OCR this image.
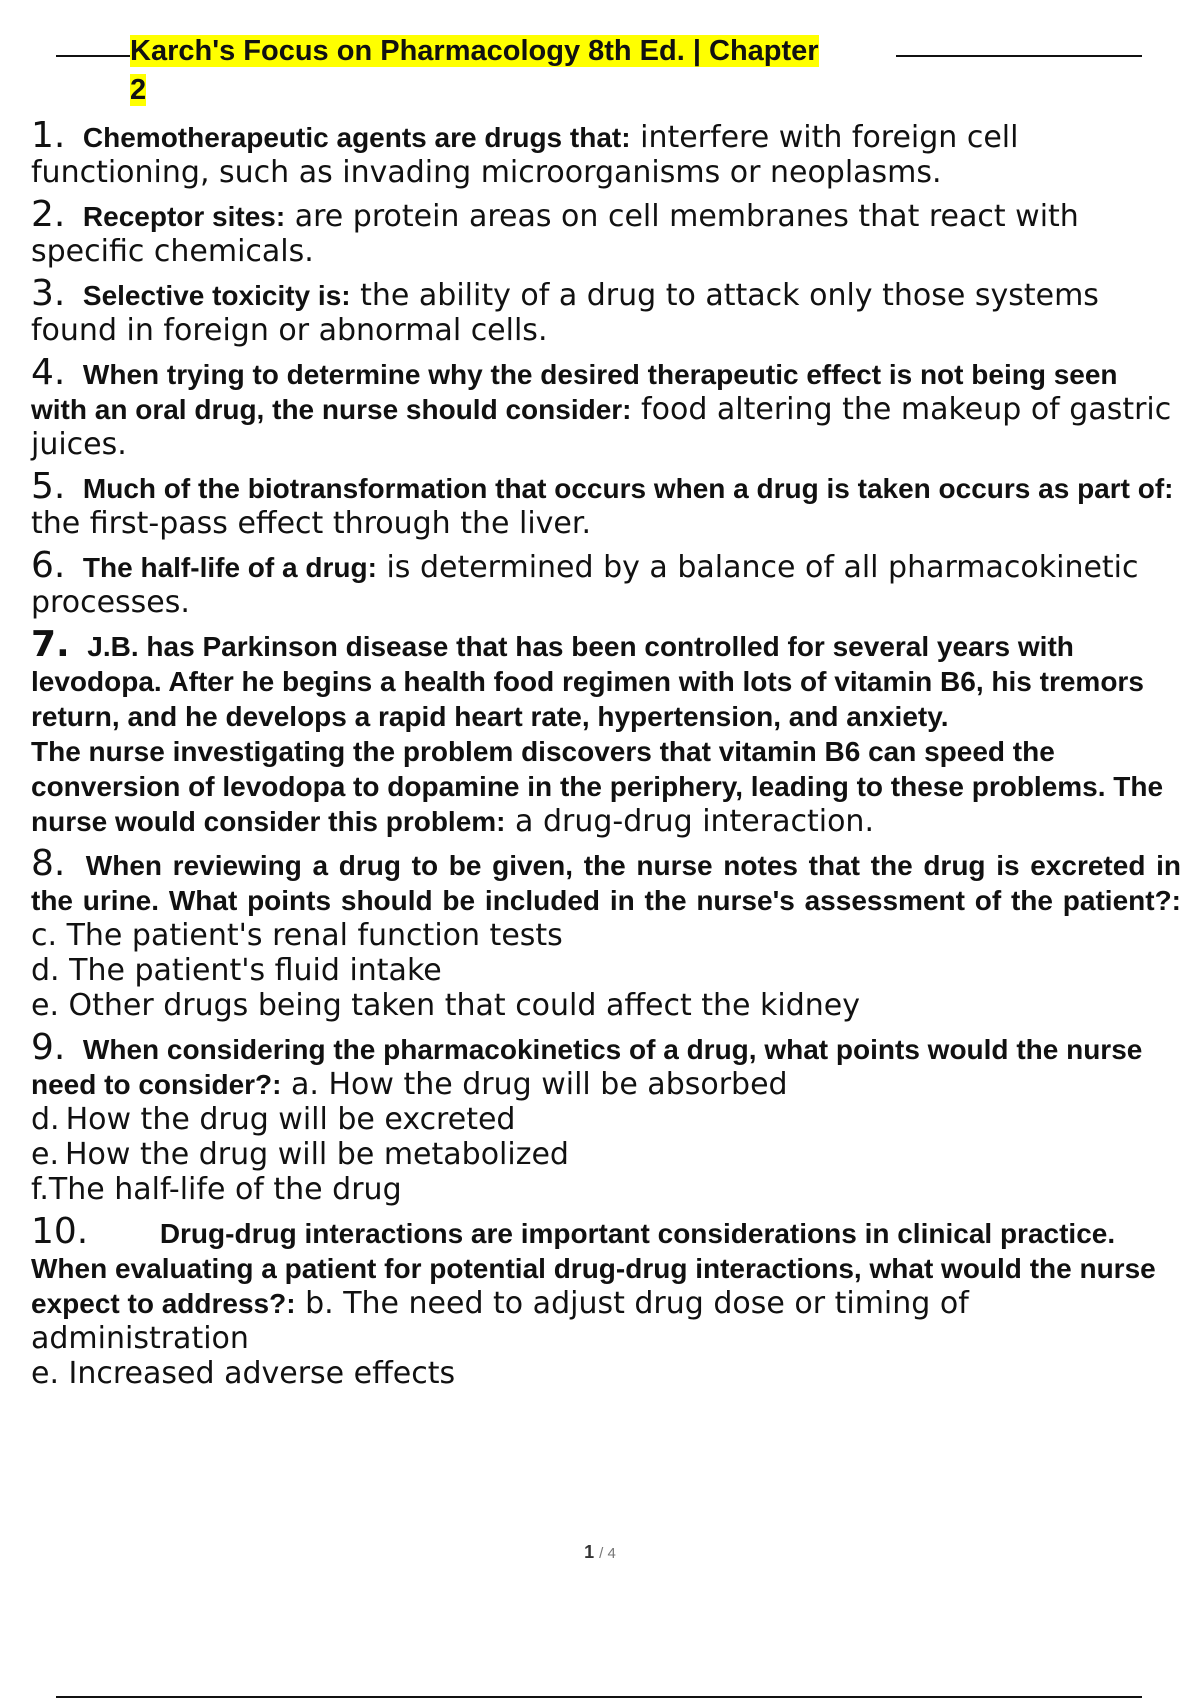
Karch's Focus on Pharmacology 8th Ed. | Chapter
2
1. Chemotherapeutic agents are drugs that: interfere with foreign cell functioning, such as invading microorganisms or neoplasms.
2. Receptor sites: are protein areas on cell membranes that react with specific chemicals.
3. Selective toxicity is: the ability of a drug to attack only those systems found in foreign or abnormal cells.
4. When trying to determine why the desired therapeutic effect is not being seen with an oral drug, the nurse should consider: food altering the makeup of gastric juices.
5. Much of the biotransformation that occurs when a drug is taken occurs as part of: the first-pass effect through the liver.
6. The half-life of a drug: is determined by a balance of all pharmacokinetic processes.
7. J.B. has Parkinson disease that has been controlled for several years with levodopa. After he begins a health food regimen with lots of vitamin B6, his tremors return, and he develops a rapid heart rate, hypertension, and anxiety.
The nurse investigating the problem discovers that vitamin B6 can speed the conversion of levodopa to dopamine in the periphery, leading to these problems. The nurse would consider this problem: a drug-drug interaction.
8. When reviewing a drug to be given, the nurse notes that the drug is excreted in the urine. What points should be included in the nurse's assessment of the patient?: c. The patient's renal function tests
d. The patient's fluid intake
e. Other drugs being taken that could affect the kidney
9. When considering the pharmacokinetics of a drug, what points would the nurse need to consider?: a. How the drug will be absorbed
d. How the drug will be excreted
e. How the drug will be metabolized
f.The half-life of the drug
10.	Drug-drug interactions are important considerations in clinical practice. When evaluating a patient for potential drug-drug interactions, what would the nurse expect to address?: b. The need to adjust drug dose or timing of administration
e. Increased adverse effects
1 / 4
